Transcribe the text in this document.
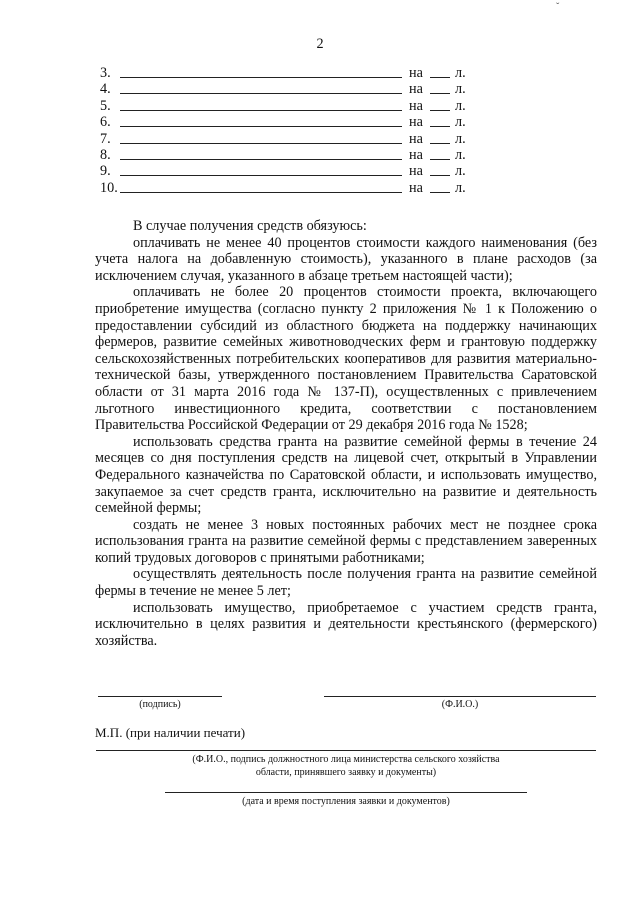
ˇ
2
3.	на л.
4.	на л.
5.	на л.
6.	на л.
7.	на л.
8.	на л.
9.	на л.
10.	на л.

В случае получения средств обязуюсь:

оплачивать не менее 40 процентов стоимости каждого наименования (без учета налога на добавленную стоимость), указанного в плане расходов (за исключением случая, указанного в абзаце третьем настоящей части);

оплачивать не более 20 процентов стоимости проекта, включающего приобретение имущества (согласно пункту 2 приложения № 1 к Положению о предоставлении субсидий из областного бюджета на поддержку начинающих фермеров, развитие семейных животноводческих ферм и грантовую поддержку сельскохозяйственных потребительских кооперативов для развития материально-технической базы, утвержденного постановлением Правительства Саратовской области от 31 марта 2016 года № 137-П), осуществленных с привлечением льготного инвестиционного кредита, соответствии с постановлением Правительства Российской Федерации от 29 декабря 2016 года № 1528;

использовать средства гранта на развитие семейной фермы в течение 24 месяцев со дня поступления средств на лицевой счет, открытый в Управлении Федерального казначейства по Саратовской области, и использовать имущество, закупаемое за счет средств гранта, исключительно на развитие и деятельность семейной фермы;

создать не менее 3 новых постоянных рабочих мест не позднее срока использования гранта на развитие семейной фермы с представлением заверенных копий трудовых договоров с принятыми работниками;

осуществлять деятельность после получения гранта на развитие семейной фермы в течение не менее 5 лет;

использовать имущество, приобретаемое с участием средств гранта, исключительно в целях развития и деятельности крестьянского (фермерского) хозяйства.

(подпись)	(Ф.И.О.)
М.П. (при наличии печати)
(Ф.И.О., подпись должностного лица министерства сельского хозяйства
области, принявшего заявку и документы)
(дата и время поступления заявки и документов)
